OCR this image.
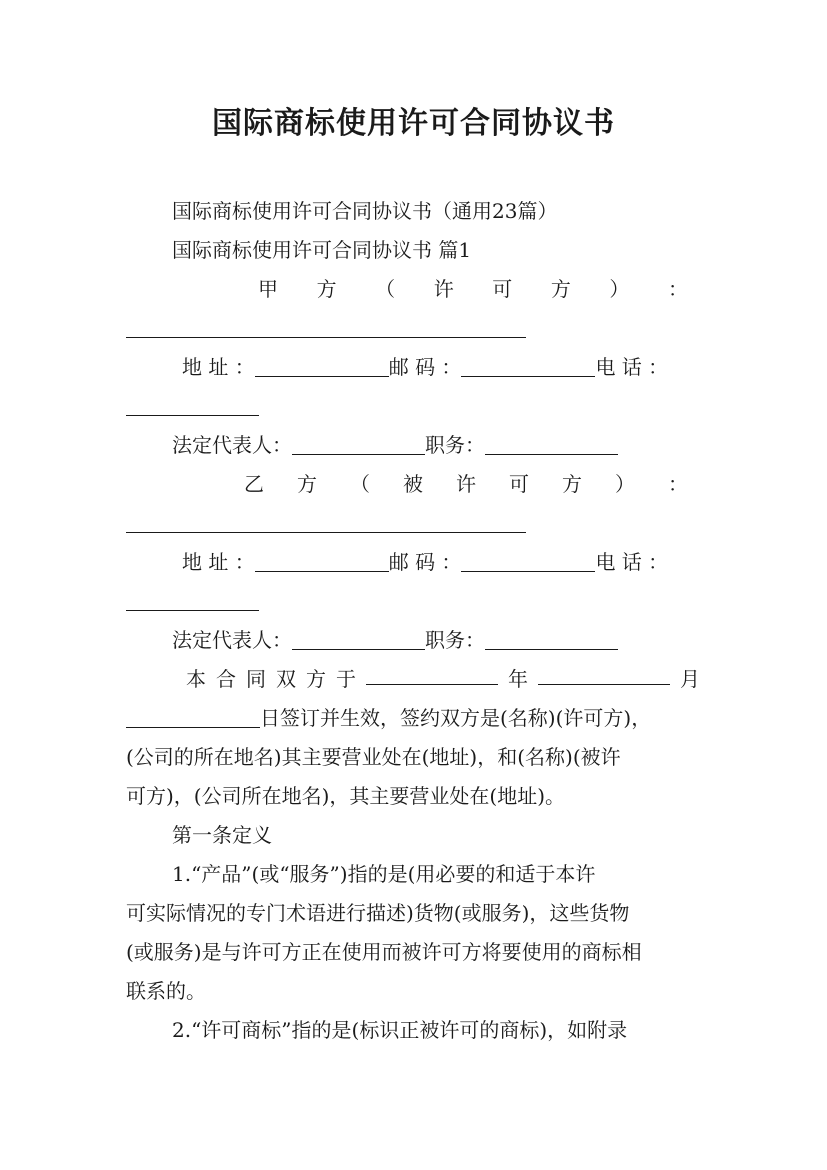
国际商标使用许可合同协议书
国际商标使用许可合同协议书（通用23篇）
国际商标使用许可合同协议书 篇1
甲 方 （ 许 可 方 ） ：
地 址 ：	邮 码 ：	电 话 ：
法定代表人：	职务：
乙 方 （ 被 许 可 方 ） ：
地 址 ：	邮 码 ：	电 话 ：
法定代表人：	职务：
本 合 同 双 方 于	年	月
日签订并生效，签约双方是(名称)(许可方)，
(公司的所在地名)其主要营业处在(地址)，和(名称)(被许
可方)，(公司所在地名)，其主要营业处在(地址)。
第一条定义
1.“产品”(或“服务”)指的是(用必要的和适于本许
可实际情况的专门术语进行描述)货物(或服务)，这些货物
(或服务)是与许可方正在使用而被许可方将要使用的商标相
联系的。
2.“许可商标”指的是(标识正被许可的商标)，如附录
